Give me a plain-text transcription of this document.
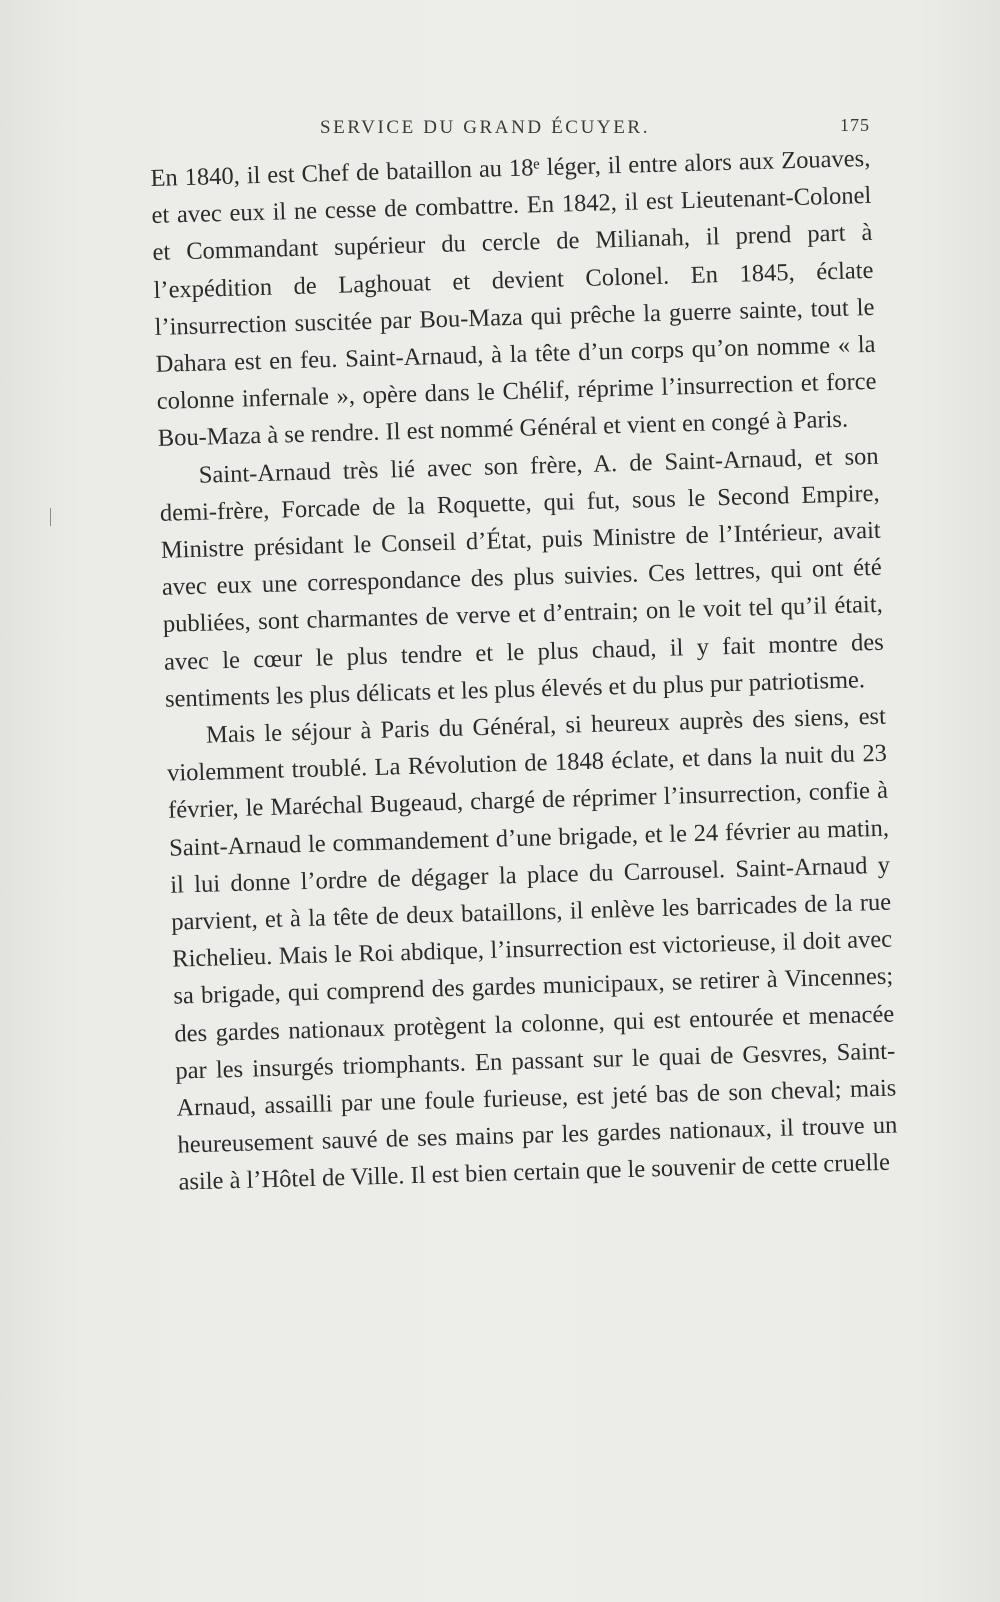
SERVICE DU GRAND ÉCUYER.	175

En 1840, il est Chef de bataillon au 18ᵉ léger, il entre alors aux Zouaves, et avec eux il ne cesse de combattre. En 1842, il est Lieutenant-Colonel et Commandant supérieur du cercle de Milianah, il prend part à l’expédition de Laghouat et devient Colonel. En 1845, éclate l’insurrection suscitée par Bou-Maza qui prêche la guerre sainte, tout le Dahara est en feu. Saint-Arnaud, à la tête d’un corps qu’on nomme « la colonne infernale », opère dans le Chélif, réprime l’insurrection et force Bou-Maza à se rendre. Il est nommé Général et vient en congé à Paris.

Saint-Arnaud très lié avec son frère, A. de Saint-Arnaud, et son demi-frère, Forcade de la Roquette, qui fut, sous le Second Empire, Ministre présidant le Conseil d’État, puis Ministre de l’Intérieur, avait avec eux une correspondance des plus suivies. Ces lettres, qui ont été publiées, sont charmantes de verve et d’entrain; on le voit tel qu’il était, avec le cœur le plus tendre et le plus chaud, il y fait montre des sentiments les plus délicats et les plus élevés et du plus pur patriotisme.

Mais le séjour à Paris du Général, si heureux auprès des siens, est violemment troublé. La Révolution de 1848 éclate, et dans la nuit du 23 février, le Maréchal Bugeaud, chargé de réprimer l’insurrection, confie à Saint-Arnaud le commandement d’une brigade, et le 24 février au matin, il lui donne l’ordre de dégager la place du Carrousel. Saint-Arnaud y parvient, et à la tête de deux bataillons, il enlève les barricades de la rue Richelieu. Mais le Roi abdique, l’insurrection est victorieuse, il doit avec sa brigade, qui comprend des gardes municipaux, se retirer à Vincennes; des gardes nationaux protègent la colonne, qui est entourée et menacée par les insurgés triomphants. En passant sur le quai de Gesvres, Saint-Arnaud, assailli par une foule furieuse, est jeté bas de son cheval; mais heureusement sauvé de ses mains par les gardes nationaux, il trouve un asile à l’Hôtel de Ville. Il est bien certain que le souvenir de cette cruelle
